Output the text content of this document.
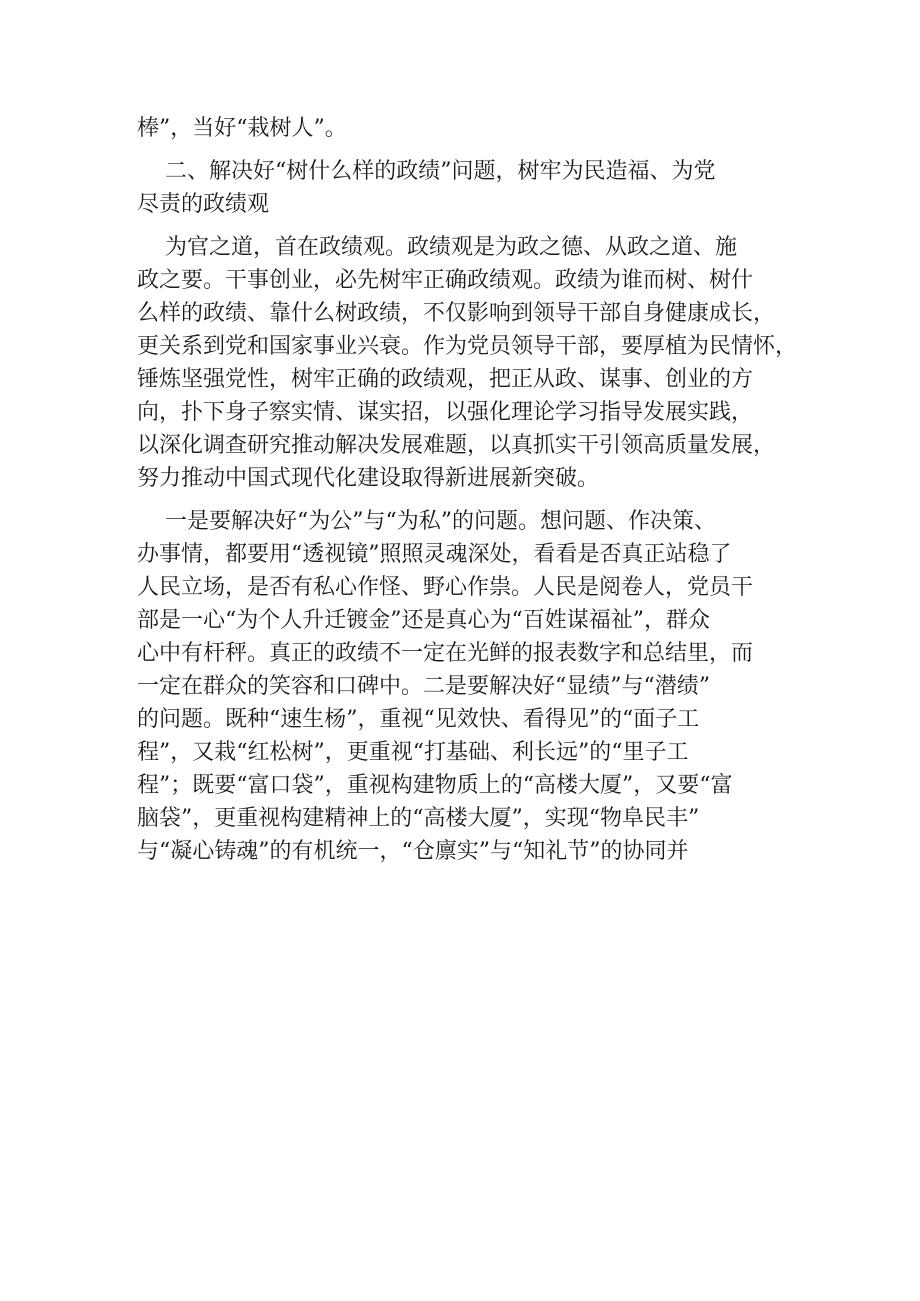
棒”，当好“栽树人”。

二、解决好“树什么样的政绩”问题，树牢为民造福、为党

尽责的政绩观

为官之道，首在政绩观。政绩观是为政之德、从政之道、施

政之要。干事创业，必先树牢正确政绩观。政绩为谁而树、树什

么样的政绩、靠什么树政绩，不仅影响到领导干部自身健康成长，

更关系到党和国家事业兴衰。作为党员领导干部，要厚植为民情怀，

锤炼坚强党性，树牢正确的政绩观，把正从政、谋事、创业的方

向，扑下身子察实情、谋实招，以强化理论学习指导发展实践，

以深化调查研究推动解决发展难题，以真抓实干引领高质量发展，

努力推动中国式现代化建设取得新进展新突破。

一是要解决好“为公”与“为私”的问题。想问题、作决策、

办事情，都要用“透视镜”照照灵魂深处，看看是否真正站稳了

人民立场，是否有私心作怪、野心作祟。人民是阅卷人，党员干

部是一心“为个人升迁镀金”还是真心为“百姓谋福祉”，群众

心中有杆秤。真正的政绩不一定在光鲜的报表数字和总结里，而

一定在群众的笑容和口碑中。二是要解决好“显绩”与“潜绩”

的问题。既种“速生杨”，重视“见效快、看得见”的“面子工

程”，又栽“红松树”，更重视“打基础、利长远”的“里子工

程”；既要“富口袋”，重视构建物质上的“高楼大厦”，又要“富

脑袋”，更重视构建精神上的“高楼大厦”，实现“物阜民丰”

与“凝心铸魂”的有机统一，“仓廪实”与“知礼节”的协同并
